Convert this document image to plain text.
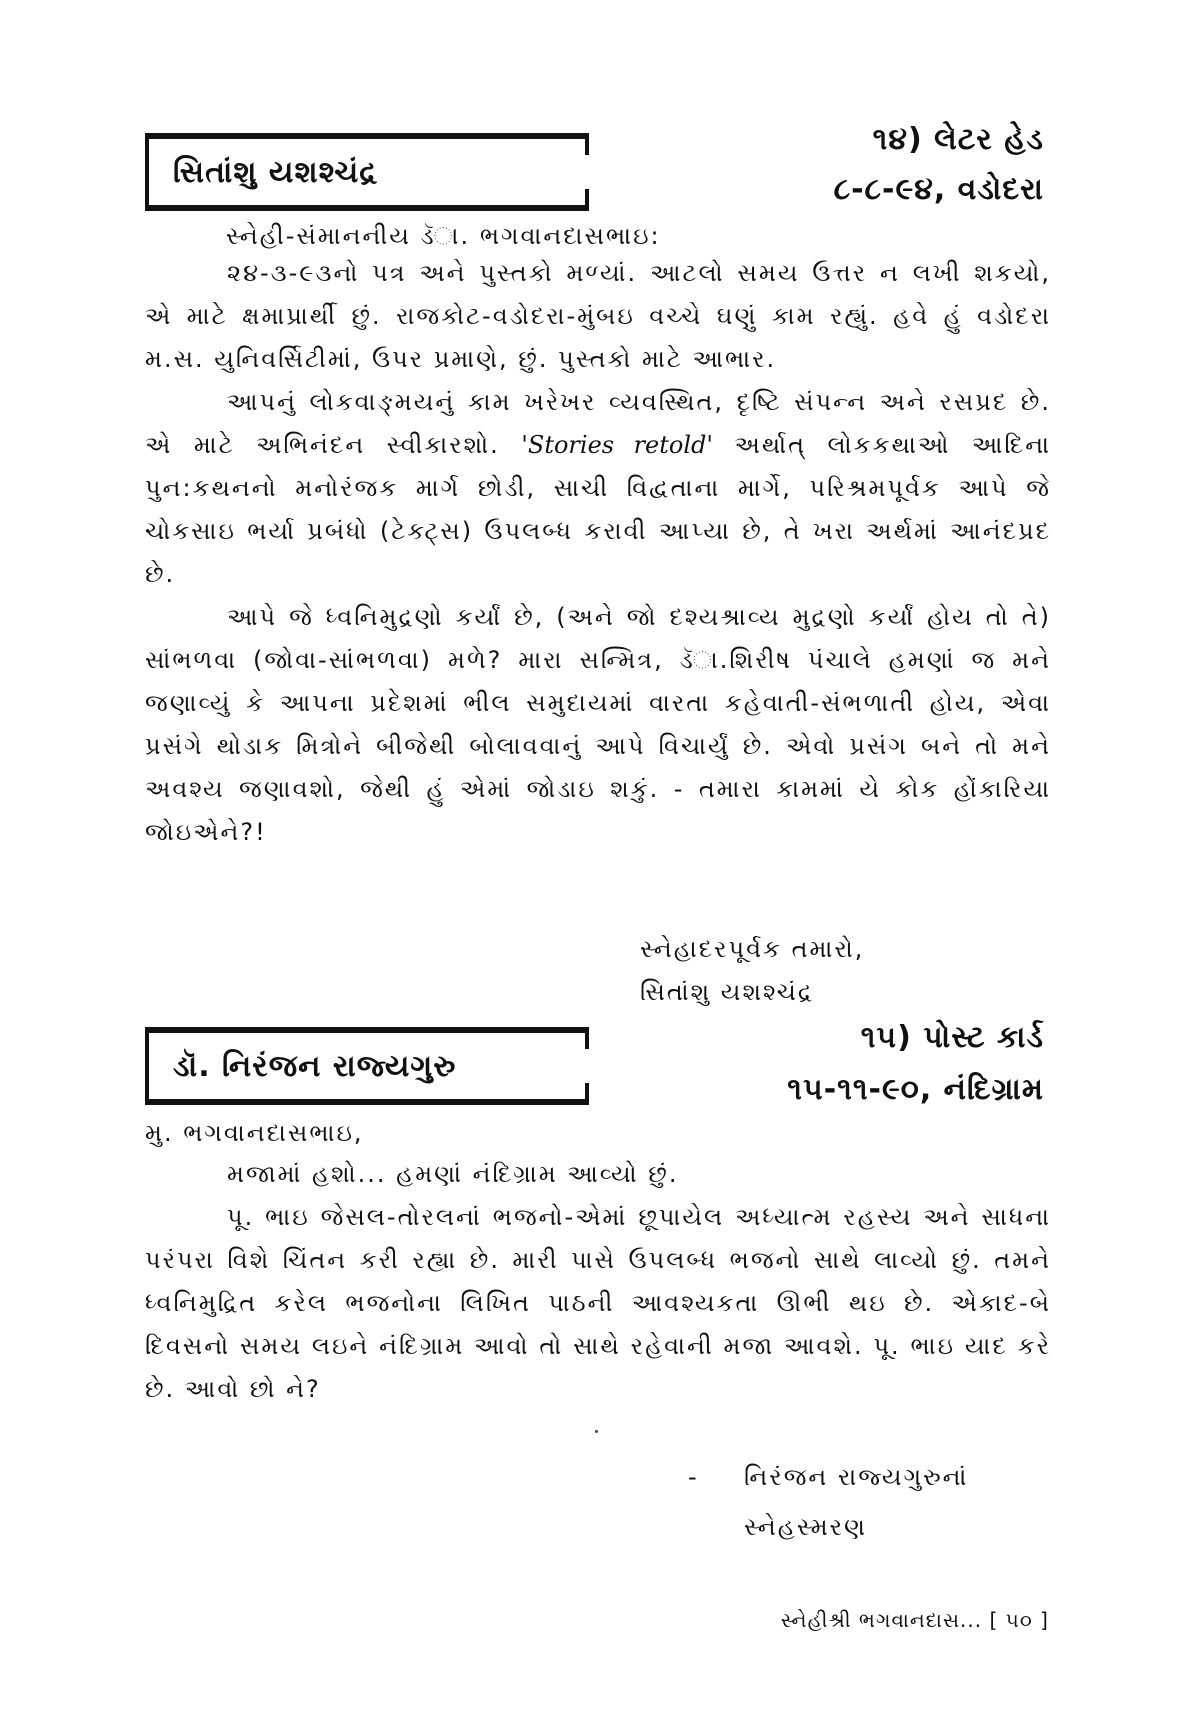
સિતાંશુ યશશ્ચંદ્ર
૧૪) લેટર હેડ
૮-૮-૯૪, વડોદરા
સ્નેહી-સંમાનનીય ડૅા. ભગવાનદાસભાઇ:

૨૪-૩-૯૩નો પત્ર અને પુસ્તકો મળ્યાં. આટલો સમય ઉત્તર ન લખી શકયો, એ માટે ક્ષમાપ્રાર્થી છું. રાજકોટ-વડોદરા-મુંબઇ વચ્ચે ઘણું કામ રહ્યું. હવે હું વડોદરા મ.સ. યુનિવર્સિટીમાં, ઉપર પ્રમાણે, છું. પુસ્તકો માટે આભાર.

આપનું લોકવાઙ્મયનું કામ ખરેખર વ્યવસ્થિત, દૃષ્ટિ સંપન્ન અને રસપ્રદ છે. એ માટે અભિનંદન સ્વીકારશો. 'Stories retold' અર્થાત્ લોકકથાઓ આદિના પુન:કથનનો મનોરંજક માર્ગ છોડી, સાચી વિદ્વતાના માર્ગે, પરિશ્રમપૂર્વક આપે જે ચોકસાઇ ભર્યા પ્રબંધો (ટેક્ટ્સ) ઉપલબ્ધ કરાવી આપ્યા છે, તે ખરા અર્થમાં આનંદપ્રદ છે.

આપે જે ધ્વનિમુદ્રણો કર્યાં છે, (અને જો દશ્યશ્રાવ્ય મુદ્રણો કર્યાં હોય તો તે) સાંભળવા (જોવા-સાંભળવા) મળે? મારા સન્મિત્ર, ડૅા.શિરીષ પંચાલે હમણાં જ મને જણાવ્યું કે આપના પ્રદેશમાં ભીલ સમુદાયમાં વારતા કહેવાતી-સંભળાતી હોય, એવા પ્રસંગે થોડાક મિત્રોને બીજેથી બોલાવવાનું આપે વિચાર્યું છે. એવો પ્રસંગ બને તો મને અવશ્ય જણાવશો, જેથી હું એમાં જોડાઇ શકું. - તમારા કામમાં યે કોક હોંકારિયા જોઇએને?!

સ્નેહાદરપૂર્વક તમારો,
સિતાંશુ યશશ્ચંદ્ર
ડૉ. નિરંજન રાજ્યગુરુ
૧૫) પોસ્ટ કાર્ડ
૧૫-૧૧-૯૦, નંદિગ્રામ
મુ. ભગવાનદાસભાઇ,

મજામાં હશો... હમણાં નંદિગ્રામ આવ્યો છું.

પૂ. ભાઇ જેસલ-તોરલનાં ભજનો-એમાં છૂપાયેલ અધ્યાત્મ રહસ્ય અને સાધના પરંપરા વિશે ચિંતન કરી રહ્યા છે. મારી પાસે ઉપલબ્ધ ભજનો સાથે લાવ્યો છું. તમને ધ્વનિમુદ્રિત કરેલ ભજનોના લિખિત પાઠની આવશ્યકતા ઊભી થઇ છે. એકાદ-બે દિવસનો સમય લઇને નંદિગ્રામ આવો તો સાથે રહેવાની મજા આવશે. પૂ. ભાઇ યાદ કરે છે. આવો છો ને?

- નિરંજન રાજ્યગુરુનાં
સ્નેહસ્મરણ
સ્નેહીશ્રી ભગવાનદાસ... [ ૫૦ ]
